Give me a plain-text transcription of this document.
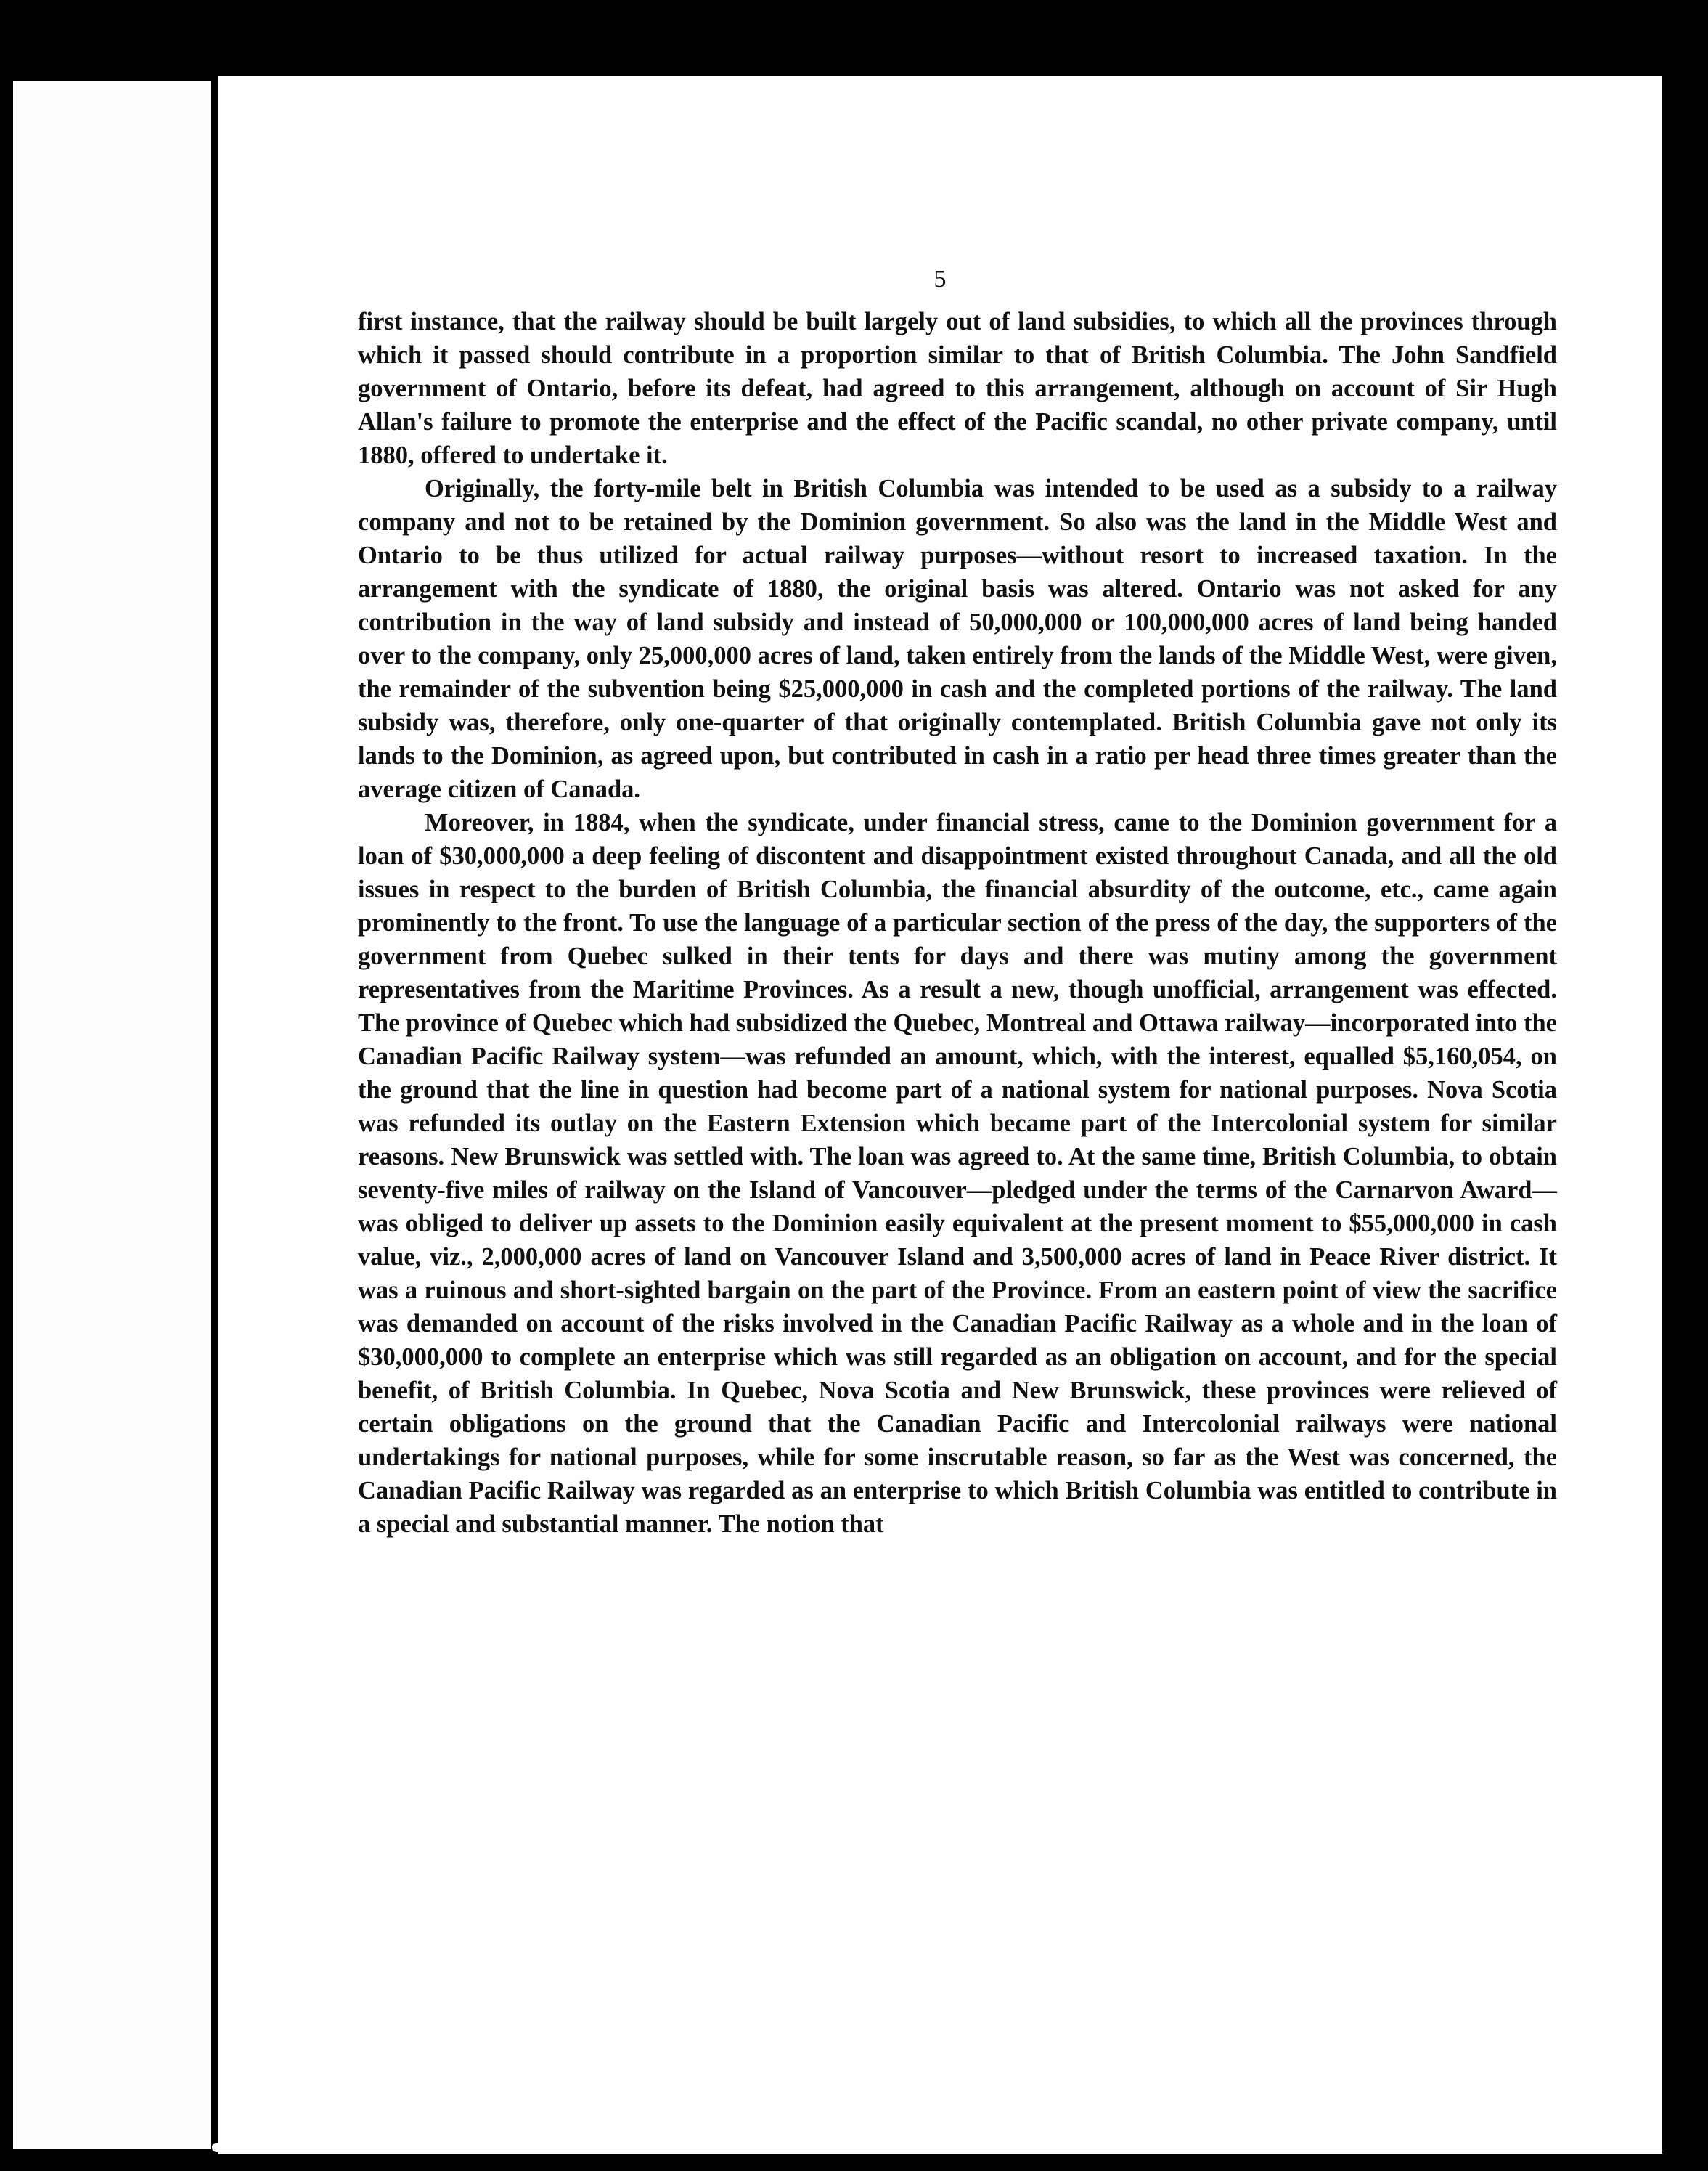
5

first instance, that the railway should be built largely out of land subsidies, to which all the provinces through which it passed should contribute in a proportion similar to that of British Columbia. The John Sandfield government of Ontario, before its defeat, had agreed to this arrangement, although on account of Sir Hugh Allan's failure to promote the enterprise and the effect of the Pacific scandal, no other private company, until 1880, offered to undertake it.

Originally, the forty-mile belt in British Columbia was intended to be used as a subsidy to a railway company and not to be retained by the Dominion government. So also was the land in the Middle West and Ontario to be thus utilized for actual railway purposes—without resort to increased taxation. In the arrangement with the syndicate of 1880, the original basis was altered. Ontario was not asked for any contribution in the way of land subsidy and instead of 50,000,000 or 100,000,000 acres of land being handed over to the company, only 25,000,000 acres of land, taken entirely from the lands of the Middle West, were given, the remainder of the subvention being $25,000,000 in cash and the completed portions of the railway. The land subsidy was, therefore, only one-quarter of that originally contemplated. British Columbia gave not only its lands to the Dominion, as agreed upon, but contributed in cash in a ratio per head three times greater than the average citizen of Canada.

Moreover, in 1884, when the syndicate, under financial stress, came to the Dominion government for a loan of $30,000,000 a deep feeling of discontent and disappointment existed throughout Canada, and all the old issues in respect to the burden of British Columbia, the financial absurdity of the outcome, etc., came again prominently to the front. To use the language of a particular section of the press of the day, the supporters of the government from Quebec sulked in their tents for days and there was mutiny among the government representatives from the Maritime Provinces. As a result a new, though unofficial, arrangement was effected. The province of Quebec which had subsidized the Quebec, Montreal and Ottawa railway—incorporated into the Canadian Pacific Railway system—was refunded an amount, which, with the interest, equalled $5,160,054, on the ground that the line in question had become part of a national system for national purposes. Nova Scotia was refunded its outlay on the Eastern Extension which became part of the Intercolonial system for similar reasons. New Brunswick was settled with. The loan was agreed to. At the same time, British Columbia, to obtain seventy-five miles of railway on the Island of Vancouver—pledged under the terms of the Carnarvon Award—was obliged to deliver up assets to the Dominion easily equivalent at the present moment to $55,000,000 in cash value, viz., 2,000,000 acres of land on Vancouver Island and 3,500,000 acres of land in Peace River district. It was a ruinous and short-sighted bargain on the part of the Province. From an eastern point of view the sacrifice was demanded on account of the risks involved in the Canadian Pacific Railway as a whole and in the loan of $30,000,000 to complete an enterprise which was still regarded as an obligation on account, and for the special benefit, of British Columbia. In Quebec, Nova Scotia and New Brunswick, these provinces were relieved of certain obligations on the ground that the Canadian Pacific and Intercolonial railways were national undertakings for national purposes, while for some inscrutable reason, so far as the West was concerned, the Canadian Pacific Railway was regarded as an enterprise to which British Columbia was entitled to contribute in a special and substantial manner. The notion that
